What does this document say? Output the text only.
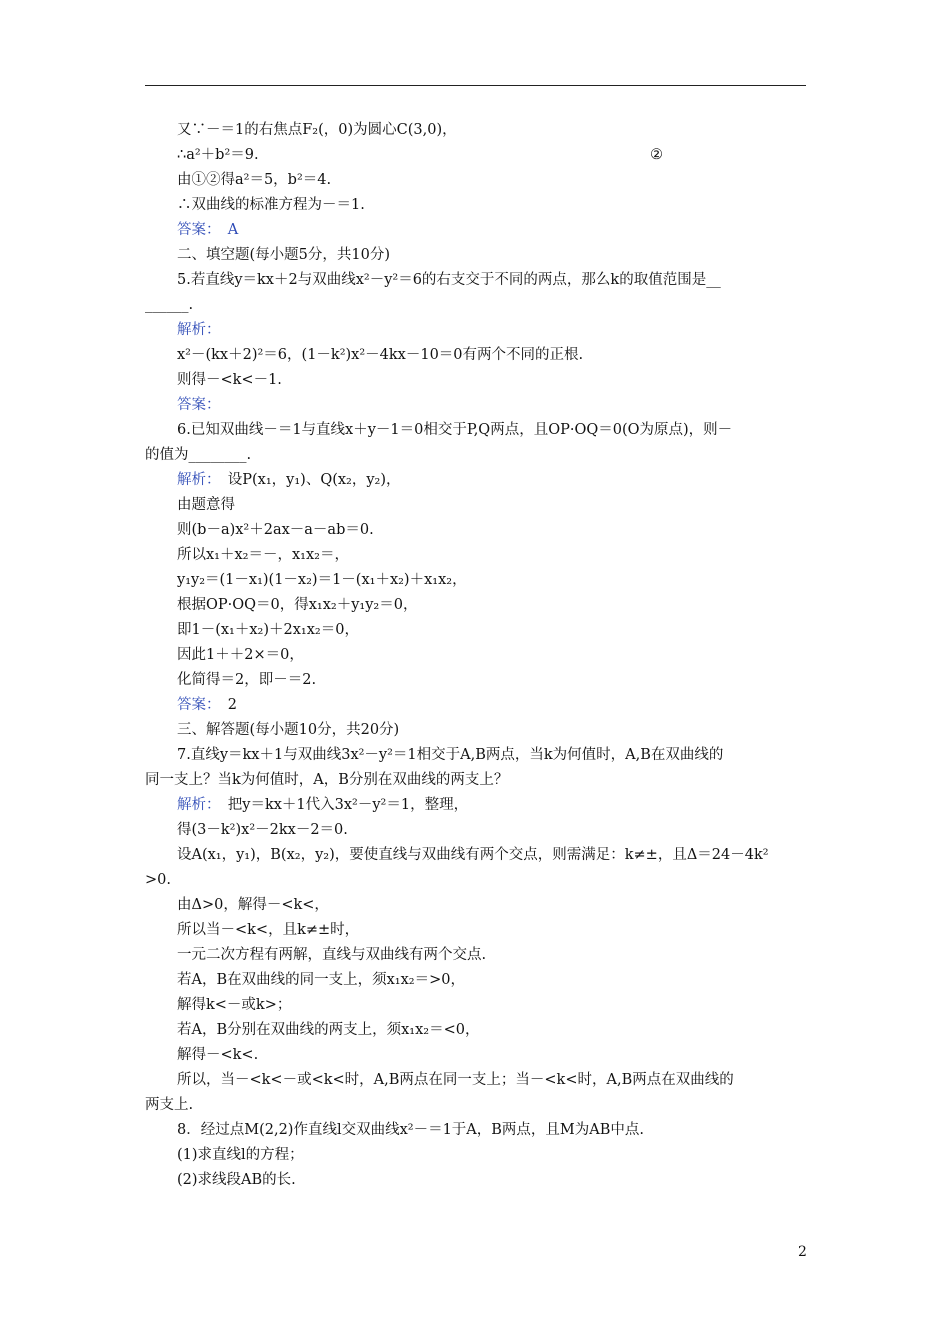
又∵－＝1的右焦点F₂(，0)为圆心C(3,0)，
∴a²＋b²＝9.	②
由①②得a²＝5，b²＝4.
∴双曲线的标准方程为－＝1.
答案：　A
二、填空题(每小题5分，共10分)
5.若直线y＝kx＋2与双曲线x²－y²＝6的右支交于不同的两点，那么k的取值范围是__
______.
解析：
x²－(kx＋2)²＝6，(1－k²)x²－4kx－10＝0有两个不同的正根.
则得－<k<－1.
答案：
6.已知双曲线－＝1与直线x＋y－1＝0相交于P,Q两点，且OP·OQ＝0(O为原点)，则－
的值为________.
解析：　设P(x₁，y₁)、Q(x₂，y₂)，
由题意得
则(b－a)x²＋2ax－a－ab＝0.
所以x₁＋x₂＝－，x₁x₂＝，
y₁y₂＝(1－x₁)(1－x₂)＝1－(x₁＋x₂)＋x₁x₂，
根据OP·OQ＝0，得x₁x₂＋y₁y₂＝0，
即1－(x₁＋x₂)＋2x₁x₂＝0，
因此1＋＋2×＝0，
化简得＝2，即－＝2.
答案：　2
三、解答题(每小题10分，共20分)
7.直线y＝kx＋1与双曲线3x²－y²＝1相交于A,B两点，当k为何值时，A,B在双曲线的
同一支上？当k为何值时，A，B分别在双曲线的两支上？
解析：　把y＝kx＋1代入3x²－y²＝1，整理，
得(3－k²)x²－2kx－2＝0.
设A(x₁，y₁)，B(x₂，y₂)，要使直线与双曲线有两个交点，则需满足：k≠±，且Δ＝24－4k²
>0.
由Δ>0，解得－<k<，
所以当－<k<，且k≠±时，
一元二次方程有两解，直线与双曲线有两个交点.
若A，B在双曲线的同一支上，须x₁x₂＝>0，
解得k<－或k>；
若A，B分别在双曲线的两支上，须x₁x₂＝<0，
解得－<k<.
所以，当－<k<－或<k<时，A,B两点在同一支上；当－<k<时，A,B两点在双曲线的
两支上.
8．经过点M(2,2)作直线l交双曲线x²－＝1于A，B两点，且M为AB中点.
(1)求直线l的方程；
(2)求线段AB的长.
2
